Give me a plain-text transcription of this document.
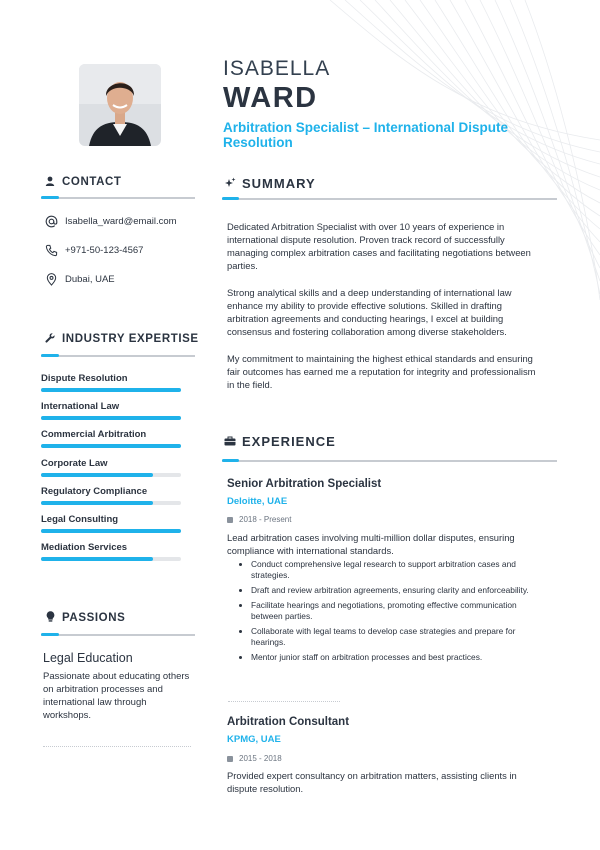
ISABELLA
WARD
Arbitration Specialist – International Dispute Resolution
CONTACT
Isabella_ward@email.com
+971-50-123-4567
Dubai, UAE
INDUSTRY EXPERTISE
Dispute Resolution
International Law
Commercial Arbitration
Corporate Law
Regulatory Compliance
Legal Consulting
Mediation Services
PASSIONS
Legal Education
Passionate about educating others on arbitration processes and international law through workshops.
SUMMARY
Dedicated Arbitration Specialist with over 10 years of experience in international dispute resolution. Proven track record of successfully managing complex arbitration cases and facilitating negotiations between parties.
Strong analytical skills and a deep understanding of international law enhance my ability to provide effective solutions. Skilled in drafting arbitration agreements and conducting hearings, I excel at building consensus and fostering collaboration among diverse stakeholders.
My commitment to maintaining the highest ethical standards and ensuring fair outcomes has earned me a reputation for integrity and professionalism in the field.
EXPERIENCE
Senior Arbitration Specialist
Deloitte, UAE
2018 - Present
Lead arbitration cases involving multi-million dollar disputes, ensuring compliance with international standards.
Conduct comprehensive legal research to support arbitration cases and strategies.
Draft and review arbitration agreements, ensuring clarity and enforceability.
Facilitate hearings and negotiations, promoting effective communication between parties.
Collaborate with legal teams to develop case strategies and prepare for hearings.
Mentor junior staff on arbitration processes and best practices.
Arbitration Consultant
KPMG, UAE
2015 - 2018
Provided expert consultancy on arbitration matters, assisting clients in dispute resolution.
